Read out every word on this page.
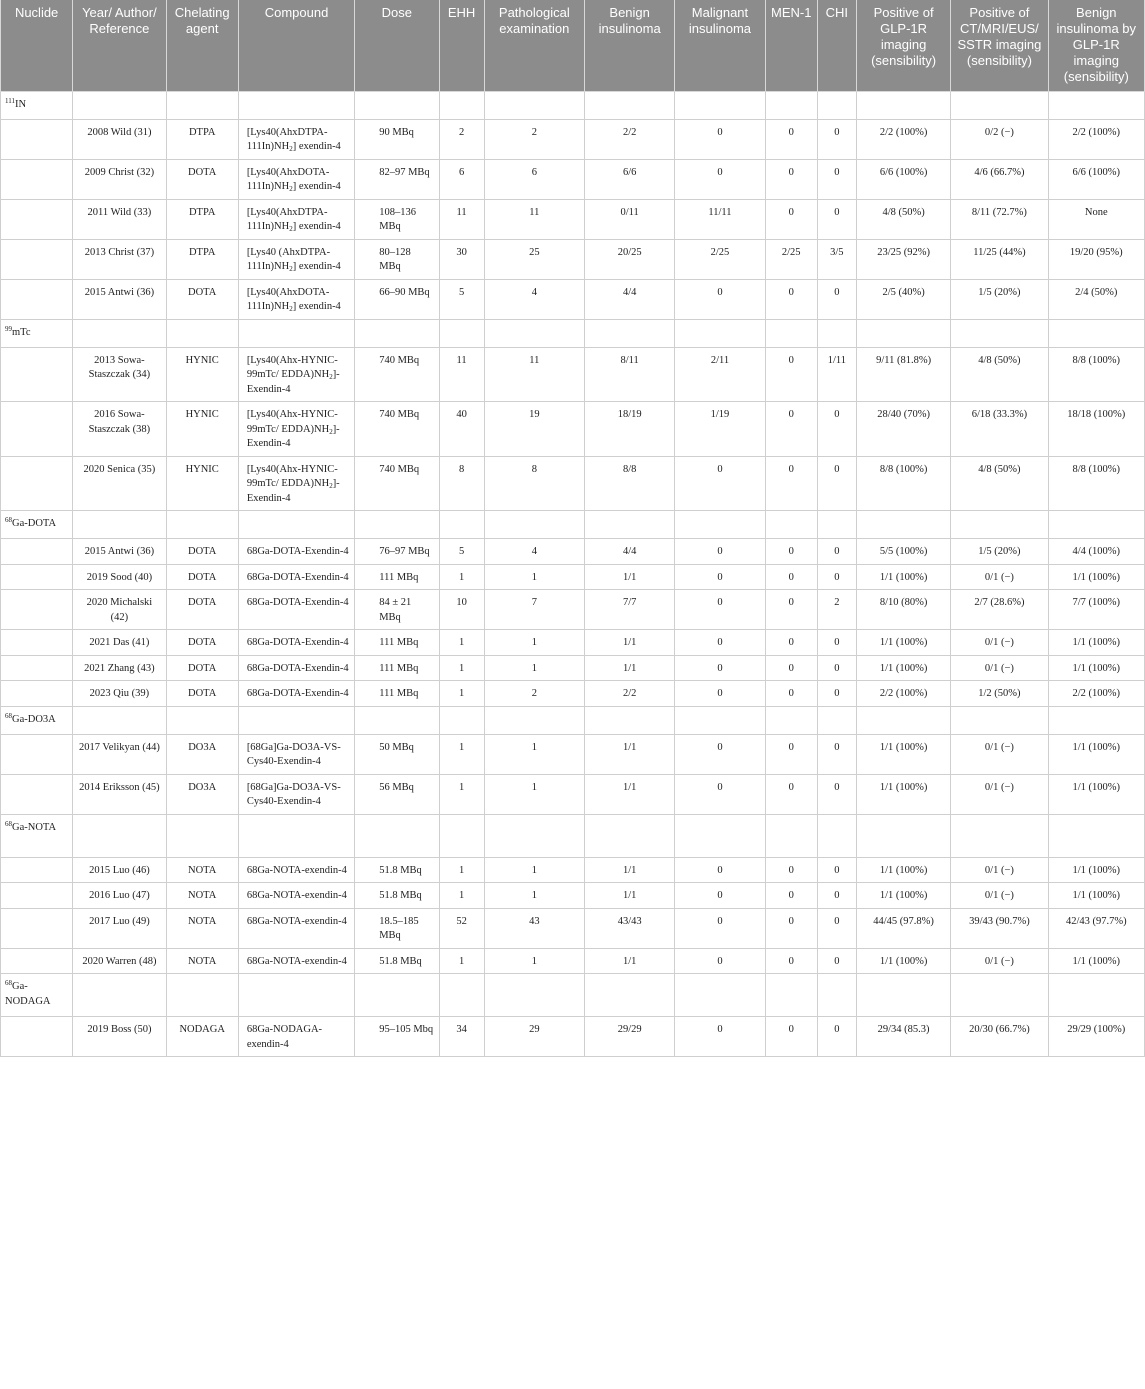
Nuclide	Year/ Author/ Reference	Chelating agent	Compound	Dose	EHH	Pathological examination	Benign insulinoma	Malignant insulinoma	MEN-1	CHI	Positive of GLP-1R imaging (sensibility)	Positive of CT/MRI/EUS/ SSTR imaging (sensibility)	Benign insulinoma by GLP-1R imaging (sensibility)
$^{111}$IN													
	2008 Wild (31)	DTPA	$[Lys40(AhxDTPA-111In)NH_2]$ exendin-4	90 MBq	2	2	2/2	0	0	0	2/2 (100%)	0/2 (−)	2/2 (100%)
	2009 Christ (32)	DOTA	$[Lys40(AhxDOTA-111In)NH_2]$ exendin-4	82–97 MBq	6	6	6/6	0	0	0	6/6 (100%)	4/6 (66.7%)	6/6 (100%)
	2011 Wild (33)	DTPA	$[Lys40(AhxDTPA-111In)NH_2]$ exendin-4	108–136 MBq	11	11	0/11	11/11	0	0	4/8 (50%)	8/11 (72.7%)	None
	2013 Christ (37)	DTPA	[Lys40 $(AhxDTPA-111In)NH_2$] exendin-4	80–128 MBq	30	25	20/25	2/25	2/25	3/5	23/25 (92%)	11/25 (44%)	19/20 (95%)
	2015 Antwi (36)	DOTA	$[Lys40(AhxDOTA-111In)NH_2]$ exendin-4	66–90 MBq	5	4	4/4	0	0	0	2/5 (40%)	1/5 (20%)	2/4 (50%)
$^{99}$mTc													
	2013 Sowa-Staszczak (34)	HYNIC	[Lys40(Ahx-HYNIC-99mTc/ $EDDA)NH_2]-Exendin-4$	740 MBq	11	11	8/11	2/11	0	1/11	9/11 (81.8%)	4/8 (50%)	8/8 (100%)
	2016 Sowa-Staszczak (38)	HYNIC	[Lys40(Ahx-HYNIC-99mTc/ $EDDA)NH_2]-Exendin-4$	740 MBq	40	19	18/19	1/19	0	0	28/40 (70%)	6/18 (33.3%)	18/18 (100%)
	2020 Senica (35)	HYNIC	[Lys40(Ahx-HYNIC-99mTc/ $EDDA)NH_2]-Exendin-4$	740 MBq	8	8	8/8	0	0	0	8/8 (100%)	4/8 (50%)	8/8 (100%)
$^{68}$Ga-DOTA													
	2015 Antwi (36)	DOTA	68Ga-DOTA-Exendin-4	76–97 MBq	5	4	4/4	0	0	0	5/5 (100%)	1/5 (20%)	4/4 (100%)
	2019 Sood (40)	DOTA	68Ga-DOTA-Exendin-4	111 MBq	1	1	1/1	0	0	0	1/1 (100%)	0/1 (−)	1/1 (100%)
	2020 Michalski (42)	DOTA	68Ga-DOTA-Exendin-4	84 ± 21 MBq	10	7	7/7	0	0	2	8/10 (80%)	2/7 (28.6%)	7/7 (100%)
	2021 Das (41)	DOTA	68Ga-DOTA-Exendin-4	111 MBq	1	1	1/1	0	0	0	1/1 (100%)	0/1 (−)	1/1 (100%)
	2021 Zhang (43)	DOTA	68Ga-DOTA-Exendin-4	111 MBq	1	1	1/1	0	0	0	1/1 (100%)	0/1 (−)	1/1 (100%)
	2023 Qiu (39)	DOTA	68Ga-DOTA-Exendin-4	111 MBq	1	2	2/2	0	0	0	2/2 (100%)	1/2 (50%)	2/2 (100%)
$^{68}$Ga-DO3A													
	2017 Velikyan (44)	DO3A	[68Ga]Ga-DO3A-VS-Cys40-Exendin-4	50 MBq	1	1	1/1	0	0	0	1/1 (100%)	0/1 (−)	1/1 (100%)
	2014 Eriksson (45)	DO3A	[68Ga]Ga-DO3A-VS-Cys40-Exendin-4	56 MBq	1	1	1/1	0	0	0	1/1 (100%)	0/1 (−)	1/1 (100%)
$^{68}$Ga-NOTA													
	2015 Luo (46)	NOTA	68Ga-NOTA-exendin-4	51.8 MBq	1	1	1/1	0	0	0	1/1 (100%)	0/1 (−)	1/1 (100%)
	2016 Luo (47)	NOTA	68Ga-NOTA-exendin-4	51.8 MBq	1	1	1/1	0	0	0	1/1 (100%)	0/1 (−)	1/1 (100%)
	2017 Luo (49)	NOTA	68Ga-NOTA-exendin-4	18.5–185 MBq	52	43	43/43	0	0	0	44/45 (97.8%)	39/43 (90.7%)	42/43 (97.7%)
	2020 Warren (48)	NOTA	68Ga-NOTA-exendin-4	51.8 MBq	1	1	1/1	0	0	0	1/1 (100%)	0/1 (−)	1/1 (100%)
$^{68}$Ga-NODAGA													
	2019 Boss (50)	NODAGA	68Ga-NODAGA-exendin-4	95–105 Mbq	34	29	29/29	0	0	0	29/34 (85.3)	20/30 (66.7%)	29/29 (100%)
